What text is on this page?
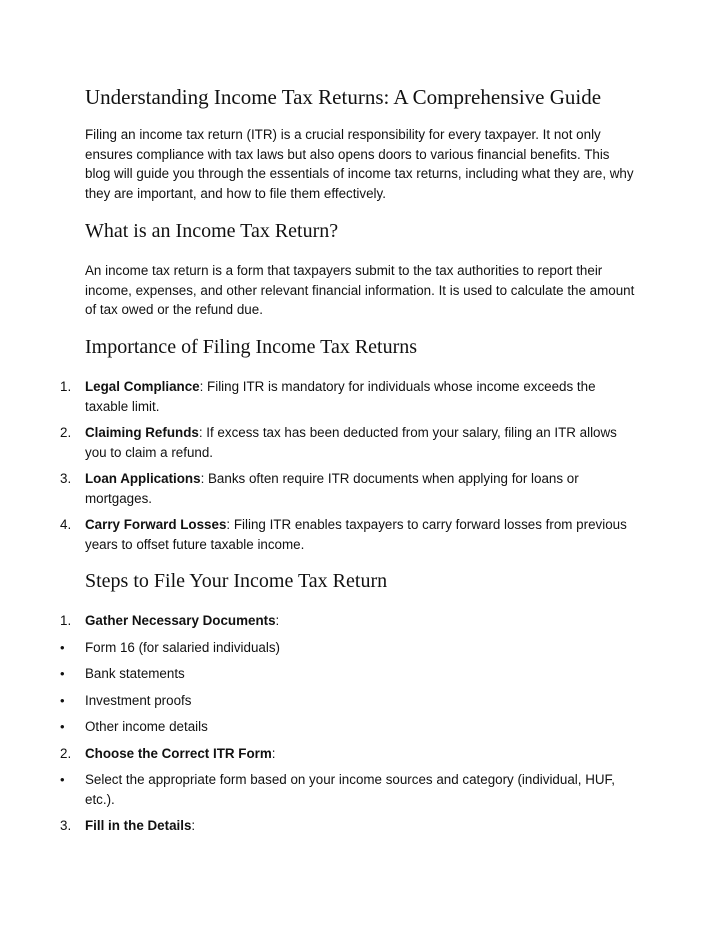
Understanding Income Tax Returns: A Comprehensive Guide
Filing an income tax return (ITR) is a crucial responsibility for every taxpayer. It not only ensures compliance with tax laws but also opens doors to various financial benefits. This blog will guide you through the essentials of income tax returns, including what they are, why they are important, and how to file them effectively.
What is an Income Tax Return?
An income tax return is a form that taxpayers submit to the tax authorities to report their income, expenses, and other relevant financial information. It is used to calculate the amount of tax owed or the refund due.
Importance of Filing Income Tax Returns
1.	Legal Compliance: Filing ITR is mandatory for individuals whose income exceeds the taxable limit.
2.	Claiming Refunds: If excess tax has been deducted from your salary, filing an ITR allows you to claim a refund.
3.	Loan Applications: Banks often require ITR documents when applying for loans or mortgages.
4.	Carry Forward Losses: Filing ITR enables taxpayers to carry forward losses from previous years to offset future taxable income.
Steps to File Your Income Tax Return
1.	Gather Necessary Documents:
•	Form 16 (for salaried individuals)
•	Bank statements
•	Investment proofs
•	Other income details
2.	Choose the Correct ITR Form:
•	Select the appropriate form based on your income sources and category (individual, HUF, etc.).
3.	Fill in the Details:
